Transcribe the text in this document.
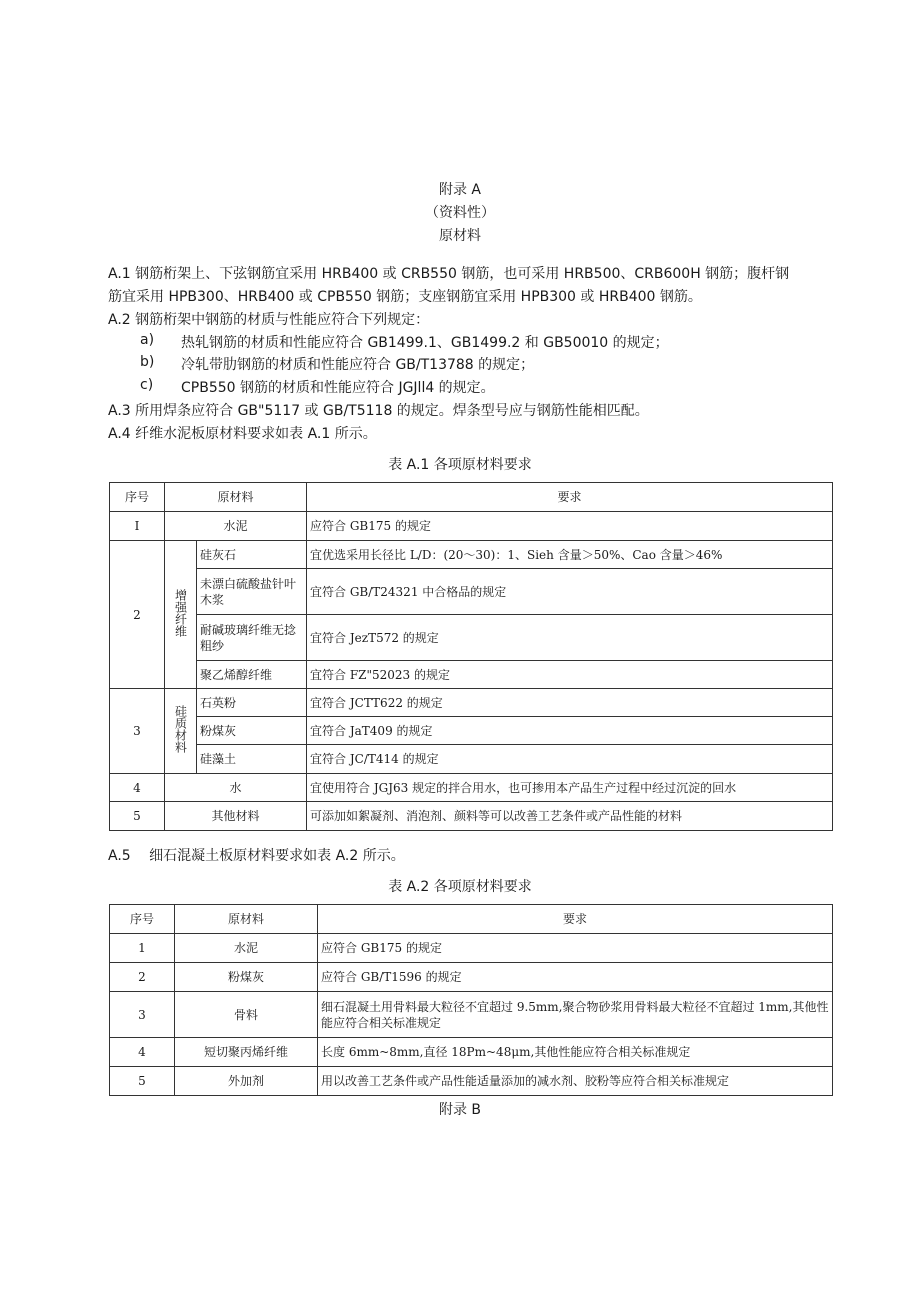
附录 A
（资料性）
原材料
A.1 钢筋桁架上、下弦钢筋宜采用 HRB400 或 CRB550 钢筋，也可采用 HRB500、CRB600H 钢筋；腹杆钢
筋宜采用 HPB300、HRB400 或 CPB550 钢筋；支座钢筋宜采用 HPB300 或 HRB400 钢筋。
A.2 钢筋桁架中钢筋的材质与性能应符合下列规定：
a) 热轧钢筋的材质和性能应符合 GB1499.1、GB1499.2 和 GB50010 的规定；
b) 冷轧带肋钢筋的材质和性能应符合 GB/T13788 的规定；
c) CPB550 钢筋的材质和性能应符合 JGJll4 的规定。
A.3 所用焊条应符合 GB"5117 或 GB/T5118 的规定。焊条型号应与钢筋性能相匹配。
A.4 纤维水泥板原材料要求如表 A.1 所示。
表 A.1 各项原材料要求
序号	原材料		要求
I	水泥		应符合 GB175 的规定
2	增强纤维	硅灰石	宜优选采用长径比 L/D：(20～30)：1、Sieh 含量＞50%、Cao 含量＞46%
		未漂白硫酸盐针叶木浆	宜符合 GB/T24321 中合格品的规定
		耐碱玻璃纤维无捻粗纱	宜符合 JezT572 的规定
		聚乙烯醇纤维	宜符合 FZ"52023 的规定
3	硅质材料	石英粉	宜符合 JCTT622 的规定
		粉煤灰	宜符合 JaT409 的规定
		硅藻土	宜符合 JC/T414 的规定
4	水		宜使用符合 JGJ63 规定的拌合用水，也可掺用本产品生产过程中经过沉淀的回水
5	其他材料		可添加如絮凝剂、消泡剂、颜料等可以改善工艺条件或产品性能的材料
A.5　 细石混凝土板原材料要求如表 A.2 所示。
表 A.2 各项原材料要求
序号	原材料	要求
1	水泥	应符合 GB175 的规定
2	粉煤灰	应符合 GB/T1596 的规定
3	骨料	细石混凝土用骨料最大粒径不宜超过 9.5mm,聚合物砂浆用骨料最大粒径不宜超过 1mm,其他性能应符合相关标准规定
4	短切聚丙烯纤维	长度 6mm~8mm,直径 18Pm~48μm,其他性能应符合相关标准规定
5	外加剂	用以改善工艺条件或产品性能适量添加的减水剂、胶粉等应符合相关标准规定
附录 B
